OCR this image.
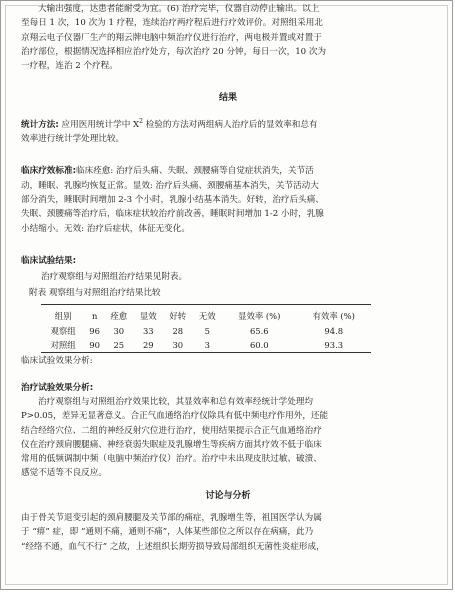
大输出强度，达患者能耐受为宜。(6) 治疗完毕，仪器自动停止输出。以上

至每日 1 次，10 次为 1 疗程，连续治疗两疗程后进行疗效评价。对照组采用北

京翔云电子仪器厂生产的翔云牌电脑中频治疗仪进行治疗，两电极并置或对置于

治疗部位，根据情况选择相应治疗处方，每次治疗 20 分钟，每日一次，10 次为

一疗程，连治 2 个疗程。

结果

统计方法: 应用医用统计学中 $X^2$ 检验的方法对两组病人治疗后的显效率和总有

效率进行统计学处理比较。

临床疗效标准:临床痊愈: 治疗后头痛、失眠、颈腰痛等自觉症状消失，关节活

动，睡眠、乳腺均恢复正常。显效: 治疗后头痛、颈腰痛基本消失，关节活动大

部分消失，睡眠时间增加 2-3 个小时，乳腺小结基本消失。好转，治疗后头痛、

失眠、颈腰痛等治疗后，临床症状较治疗前改善，睡眠时间增加 1-2 小时，乳腺

小结缩小。无效: 治疗后症状，体征无变化。

临床试验结果:

治疗观察组与对照组治疗结果见附表。

附表 观察组与对照组治疗结果比较

组别	n	痊愈	显效	好转	无效	显效率 (%)	有效率 (%)
观察组	96	30	33	28	5	65.6	94.8
对照组	90	25	29	30	3	60.0	93.3

临床试验效果分析:

治疗试验效果分析:

治疗观察组与对照组治疗效果比较，其显效率和总有效率经统计学处理均

P>0.05，差异无显著意义。合正气血通络治疗仪除具有低中频电疗作用外，还能

结合经络穴位、二组的神经反射穴位进行治疗，使用结果提示合正气血通络治疗

仪在治疗颈肩腰腿痛、神经衰弱失眠症及乳腺增生等疾病方面其疗效不低于临床

常用的低频调制中频（电脑中频治疗仪）治疗。治疗中未出现皮肤过敏、破溃、

感觉不适等不良反应。

讨论与分析

由于骨关节退变引起的颈肩腰腿及关节部的痛症，乳腺增生等，祖国医学认为属

于 “痹” 症，即 “通则不痛，通则不痛”，人体某些部位之所以存在病痛，此乃

“经络不通，血气不行” 之故，上述组织长期劳损导致局部组织无菌性炎症形成，
